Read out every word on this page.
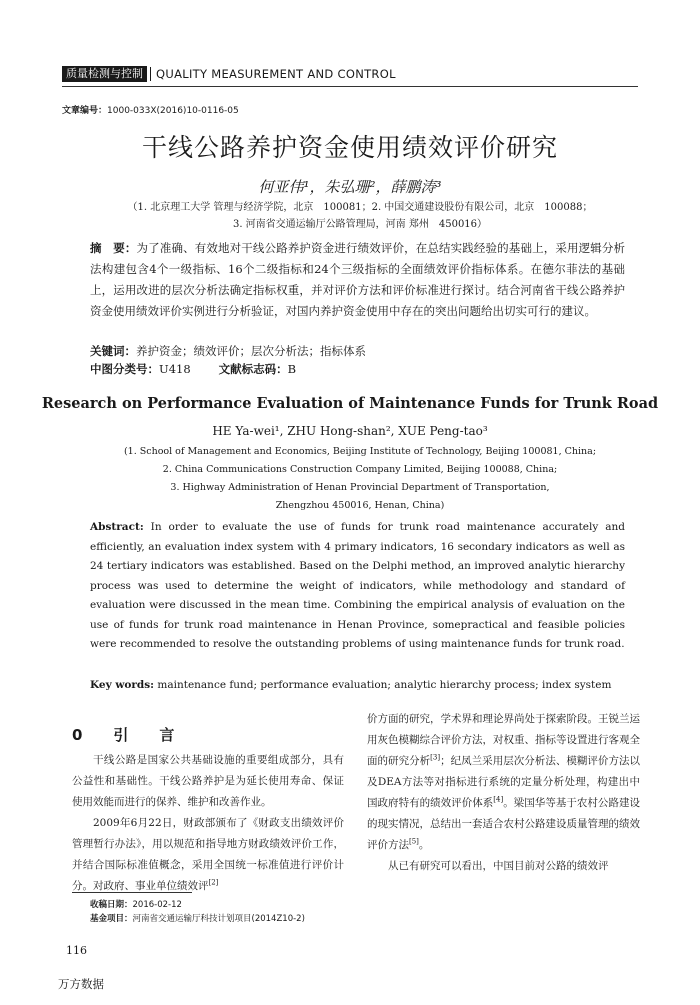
质量检测与控制	QUALITY MEASUREMENT AND CONTROL
文章编号：1000-033X(2016)10-0116-05
干线公路养护资金使用绩效评价研究
何亚伟¹，朱弘珊²，薛鹏涛³
（1. 北京理工大学 管理与经济学院，北京　100081；2. 中国交通建设股份有限公司，北京　100088；
3. 河南省交通运输厅公路管理局，河南 郑州　450016）
摘　要：为了准确、有效地对干线公路养护资金进行绩效评价，在总结实践经验的基础上，采用逻辑分析法构建包含4个一级指标、16个二级指标和24个三级指标的全面绩效评价指标体系。在德尔菲法的基础上，运用改进的层次分析法确定指标权重，并对评价方法和评价标准进行探讨。结合河南省干线公路养护资金使用绩效评价实例进行分析验证，对国内养护资金使用中存在的突出问题给出切实可行的建议。
关键词：养护资金；绩效评价；层次分析法；指标体系
中图分类号：U418 文献标志码：B
Research on Performance Evaluation of Maintenance Funds for Trunk Road
HE Ya-wei¹, ZHU Hong-shan², XUE Peng-tao³
(1. School of Management and Economics, Beijing Institute of Technology, Beijing 100081, China;
2. China Communications Construction Company Limited, Beijing 100088, China;
3. Highway Administration of Henan Provincial Department of Transportation,
Zhengzhou 450016, Henan, China)
Abstract: In order to evaluate the use of funds for trunk road maintenance accurately and efficiently, an evaluation index system with 4 primary indicators, 16 secondary indicators as well as 24 tertiary indicators was established. Based on the Delphi method, an improved analytic hierarchy process was used to determine the weight of indicators, while methodology and standard of evaluation were discussed in the mean time. Combining the empirical analysis of evaluation on the use of funds for trunk road maintenance in Henan Province, somepractical and feasible policies were recommended to resolve the outstanding problems of using maintenance funds for trunk road.
Key words: maintenance fund; performance evaluation; analytic hierarchy process; index system
0　引　言

干线公路是国家公共基础设施的重要组成部分，具有公益性和基础性。干线公路养护是为延长使用寿命、保证使用效能而进行的保养、维护和改善作业。

2009年6月22日，财政部颁布了《财政支出绩效评价管理暂行办法》，用以规范和指导地方财政绩效评价工作，并结合国际标准值概念，采用全国统一标准值进行评价计分。对政府、事业单位绩效评[2]

价方面的研究，学术界和理论界尚处于探索阶段。王锐兰运用灰色模糊综合评价方法，对权重、指标等设置进行客观全面的研究分析[3]；纪凤兰采用层次分析法、模糊评价方法以及DEA方法等对指标进行系统的定量分析处理，构建出中国政府特有的绩效评价体系[4]。梁国华等基于农村公路建设的现实情况，总结出一套适合农村公路建设质量管理的绩效评价方法[5]。

从已有研究可以看出，中国目前对公路的绩效评

收稿日期：2016-02-12
基金项目：河南省交通运输厅科技计划项目(2014Z10-2)
116
万方数据
